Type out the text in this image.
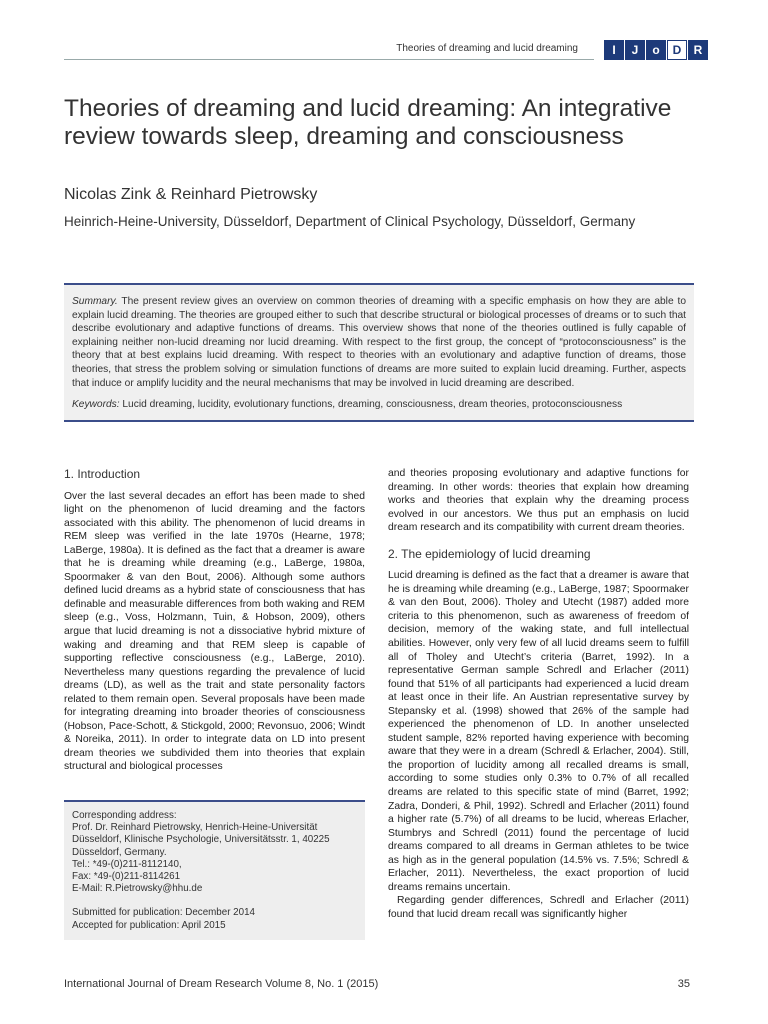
Theories of dreaming and lucid dreaming	I	J	o	D	R
Theories of dreaming and lucid dreaming: An integrative review towards sleep, dreaming and consciousness
Nicolas Zink & Reinhard Pietrowsky
Heinrich-Heine-University, Düsseldorf, Department of Clinical Psychology, Düsseldorf, Germany
Summary. The present review gives an overview on common theories of dreaming with a specific emphasis on how they are able to explain lucid dreaming. The theories are grouped either to such that describe structural or biological processes of dreams or to such that describe evolutionary and adaptive functions of dreams. This overview shows that none of the theories outlined is fully capable of explaining neither non-lucid dreaming nor lucid dreaming. With respect to the first group, the concept of “protoconsciousness” is the theory that at best explains lucid dreaming. With respect to theories with an evolutionary and adaptive function of dreams, those theories, that stress the problem solving or simulation functions of dreams are more suited to explain lucid dreaming. Further, aspects that induce or amplify lucidity and the neural mechanisms that may be involved in lucid dreaming are described.
Keywords: Lucid dreaming, lucidity, evolutionary functions, dreaming, consciousness, dream theories, protoconsciousness
1. Introduction

Over the last several decades an effort has been made to shed light on the phenomenon of lucid dreaming and the factors associated with this ability. The phenomenon of lucid dreams in REM sleep was verified in the late 1970s (Hearne, 1978; LaBerge, 1980a). It is defined as the fact that a dreamer is aware that he is dreaming while dreaming (e.g., LaBerge, 1980a, Spoormaker & van den Bout, 2006). Although some authors defined lucid dreams as a hybrid state of consciousness that has definable and measurable differences from both waking and REM sleep (e.g., Voss, Holzmann, Tuin, & Hobson, 2009), others argue that lucid dreaming is not a dissociative hybrid mixture of waking and dreaming and that REM sleep is capable of supporting reflective consciousness (e.g., LaBerge, 2010). Nevertheless many questions regarding the prevalence of lucid dreams (LD), as well as the trait and state personality factors related to them remain open. Several proposals have been made for integrating dreaming into broader theories of consciousness (Hobson, Pace-Schott, & Stickgold, 2000; Revonsuo, 2006; Windt & Noreika, 2011). In order to integrate data on LD into present dream theories we subdivided them into theories that explain structural and biological processes

and theories proposing evolutionary and adaptive functions for dreaming. In other words: theories that explain how dreaming works and theories that explain why the dreaming process evolved in our ancestors. We thus put an emphasis on lucid dream research and its compatibility with current dream theories.

2. The epidemiology of lucid dreaming

Lucid dreaming is defined as the fact that a dreamer is aware that he is dreaming while dreaming (e.g., LaBerge, 1987; Spoormaker & van den Bout, 2006). Tholey and Utecht (1987) added more criteria to this phenomenon, such as awareness of freedom of decision, memory of the waking state, and full intellectual abilities. However, only very few of all lucid dreams seem to fulfill all of Tholey and Utecht’s criteria (Barret, 1992). In a representative German sample Schredl and Erlacher (2011) found that 51% of all participants had experienced a lucid dream at least once in their life. An Austrian representative survey by Stepansky et al. (1998) showed that 26% of the sample had experienced the phenomenon of LD. In another unselected student sample, 82% reported having experience with becoming aware that they were in a dream (Schredl & Erlacher, 2004). Still, the proportion of lucidity among all recalled dreams is small, according to some studies only 0.3% to 0.7% of all recalled dreams are related to this specific state of mind (Barret, 1992; Zadra, Donderi, & Phil, 1992). Schredl and Erlacher (2011) found a higher rate (5.7%) of all dreams to be lucid, whereas Erlacher, Stumbrys and Schredl (2011) found the percentage of lucid dreams compared to all dreams in German athletes to be twice as high as in the general population (14.5% vs. 7.5%; Schredl & Erlacher, 2011). Nevertheless, the exact proportion of lucid dreams remains uncertain.

Regarding gender differences, Schredl and Erlacher (2011) found that lucid dream recall was significantly higher

Corresponding address:
Prof. Dr. Reinhard Pietrowsky, Henrich-Heine-Universität
Düsseldorf, Klinische Psychologie, Universitätsstr. 1, 40225
Düsseldorf, Germany.
Tel.: *49-(0)211-8112140,
Fax: *49-(0)211-8114261
E-Mail: R.Pietrowsky@hhu.de
Submitted for publication: December 2014
Accepted for publication: April 2015
International Journal of Dream Research Volume 8, No. 1 (2015)	35
